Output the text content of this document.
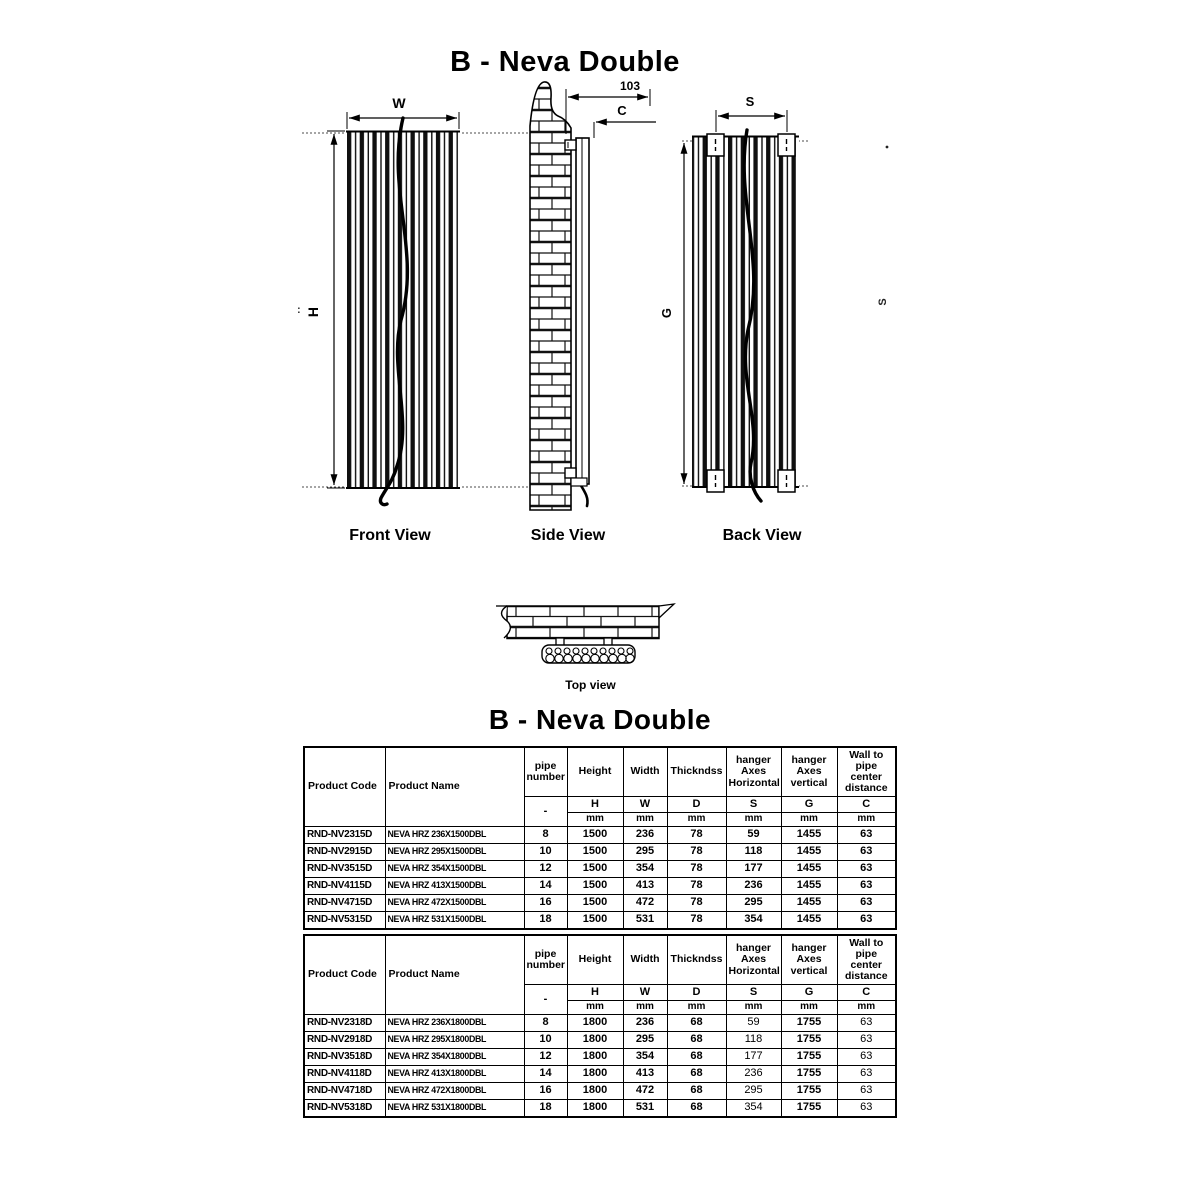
B - Neva Double
W
H
:
103
C
S
G
S
Front View	Side View	Back View
Top view
B - Neva Double
Product Code	Product Name	pipe number	Height	Width	Thickndss	hanger Axes Horizontal	hanger Axes vertical	Wall to pipe center distance
		-	H	W	D	S	G	C
			mm	mm	mm	mm	mm	mm
RND-NV2315D	NEVA HRZ 236X1500DBL	8	1500	236	78	59	1455	63
RND-NV2915D	NEVA HRZ 295X1500DBL	10	1500	295	78	118	1455	63
RND-NV3515D	NEVA HRZ 354X1500DBL	12	1500	354	78	177	1455	63
RND-NV4115D	NEVA HRZ 413X1500DBL	14	1500	413	78	236	1455	63
RND-NV4715D	NEVA HRZ 472X1500DBL	16	1500	472	78	295	1455	63
RND-NV5315D	NEVA HRZ 531X1500DBL	18	1500	531	78	354	1455	63
Product Code	Product Name	pipe number	Height	Width	Thickndss	hanger Axes Horizontal	hanger Axes vertical	Wall to pipe center distance
		-	H	W	D	S	G	C
			mm	mm	mm	mm	mm	mm
RND-NV2318D	NEVA HRZ 236X1800DBL	8	1800	236	68	59	1755	63
RND-NV2918D	NEVA HRZ 295X1800DBL	10	1800	295	68	118	1755	63
RND-NV3518D	NEVA HRZ 354X1800DBL	12	1800	354	68	177	1755	63
RND-NV4118D	NEVA HRZ 413X1800DBL	14	1800	413	68	236	1755	63
RND-NV4718D	NEVA HRZ 472X1800DBL	16	1800	472	68	295	1755	63
RND-NV5318D	NEVA HRZ 531X1800DBL	18	1800	531	68	354	1755	63
